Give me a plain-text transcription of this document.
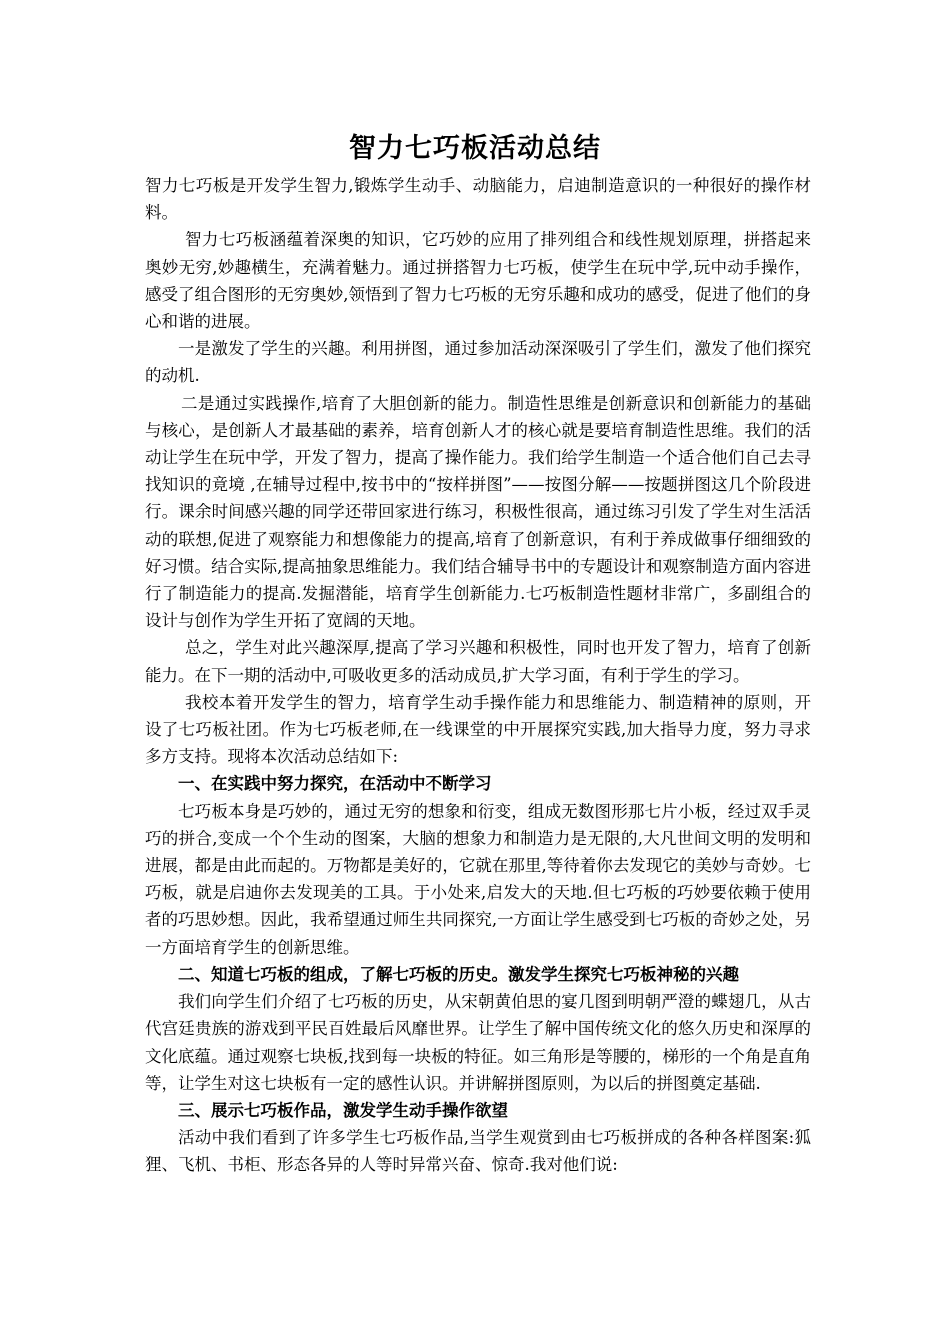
智力七巧板活动总结

智力七巧板是开发学生智力,锻炼学生动手、动脑能力，启迪制造意识的一种很好的操作材料。

智力七巧板涵蕴着深奥的知识，它巧妙的应用了排列组合和线性规划原理，拼搭起来奥妙无穷,妙趣横生，充满着魅力。通过拼搭智力七巧板，使学生在玩中学,玩中动手操作，感受了组合图形的无穷奥妙,领悟到了智力七巧板的无穷乐趣和成功的感受，促进了他们的身心和谐的进展。

一是激发了学生的兴趣。利用拼图，通过参加活动深深吸引了学生们，激发了他们探究的动机.

二是通过实践操作,培育了大胆创新的能力。制造性思维是创新意识和创新能力的基础与核心，是创新人才最基础的素养，培育创新人才的核心就是要培育制造性思维。我们的活动让学生在玩中学，开发了智力，提高了操作能力。我们给学生制造一个适合他们自己去寻找知识的竟境 ,在辅导过程中,按书中的“按样拼图”——按图分解——按题拼图这几个阶段进行。课余时间感兴趣的同学还带回家进行练习，积极性很高，通过练习引发了学生对生活活动的联想,促进了观察能力和想像能力的提高,培育了创新意识，有利于养成做事仔细细致的好习惯。结合实际,提高抽象思维能力。我们结合辅导书中的专题设计和观察制造方面内容进行了制造能力的提高.发掘潜能，培育学生创新能力.七巧板制造性题材非常广，多副组合的设计与创作为学生开拓了宽阔的天地。

总之，学生对此兴趣深厚,提高了学习兴趣和积极性，同时也开发了智力，培育了创新能力。在下一期的活动中,可吸收更多的活动成员,扩大学习面，有利于学生的学习。

我校本着开发学生的智力，培育学生动手操作能力和思维能力、制造精神的原则，开设了七巧板社团。作为七巧板老师,在一线课堂的中开展探究实践,加大指导力度，努力寻求多方支持。现将本次活动总结如下:

一、在实践中努力探究，在活动中不断学习

七巧板本身是巧妙的，通过无穷的想象和衍变，组成无数图形那七片小板，经过双手灵巧的拼合,变成一个个生动的图案，大脑的想象力和制造力是无限的,大凡世间文明的发明和进展，都是由此而起的。万物都是美好的，它就在那里,等待着你去发现它的美妙与奇妙。七巧板，就是启迪你去发现美的工具。于小处来,启发大的天地.但七巧板的巧妙要依赖于使用者的巧思妙想。因此，我希望通过师生共同探究,一方面让学生感受到七巧板的奇妙之处，另一方面培育学生的创新思维。

二、知道七巧板的组成，了解七巧板的历史。激发学生探究七巧板神秘的兴趣

我们向学生们介绍了七巧板的历史，从宋朝黄伯思的宴几图到明朝严澄的蝶翅几，从古代宫廷贵族的游戏到平民百姓最后风靡世界。让学生了解中国传统文化的悠久历史和深厚的文化底蕴。通过观察七块板,找到每一块板的特征。如三角形是等腰的，梯形的一个角是直角等，让学生对这七块板有一定的感性认识。并讲解拼图原则，为以后的拼图奠定基础.

三、展示七巧板作品，激发学生动手操作欲望

活动中我们看到了许多学生七巧板作品,当学生观赏到由七巧板拼成的各种各样图案:狐狸、飞机、书柜、形态各异的人等时异常兴奋、惊奇.我对他们说:
